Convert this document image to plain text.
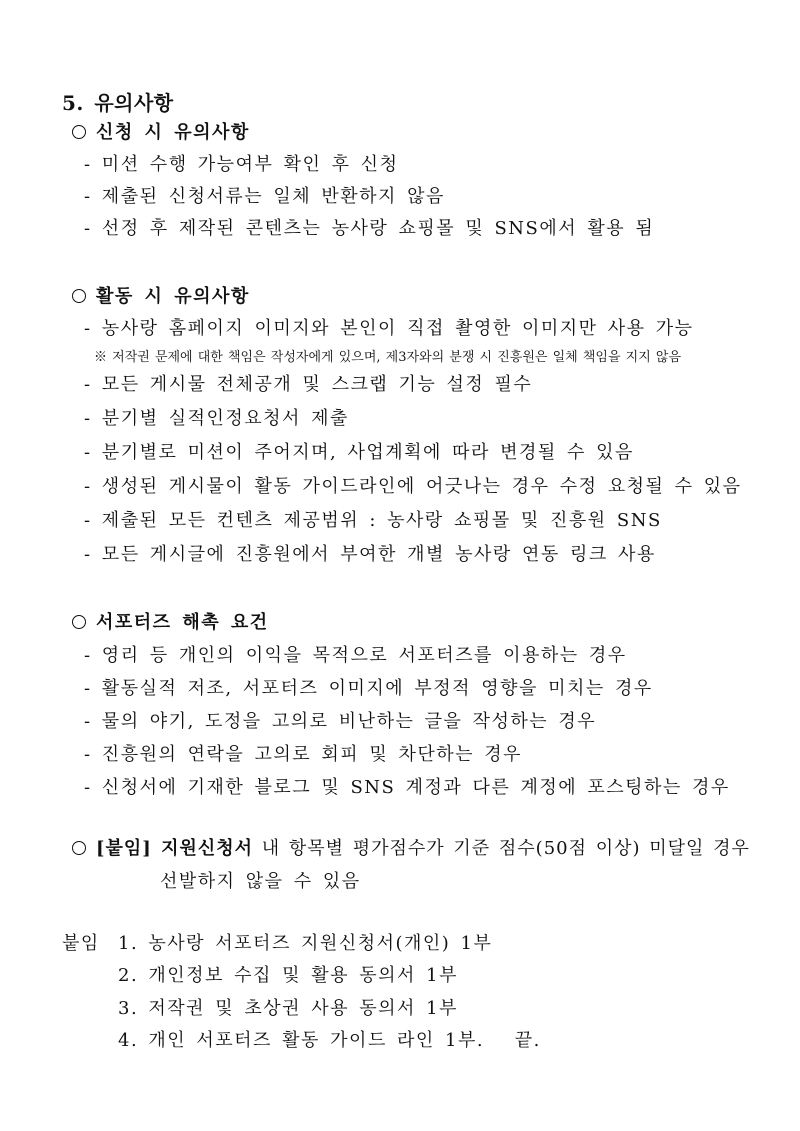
5. 유의사항
신청 시 유의사항
- 미션 수행 가능여부 확인 후 신청
- 제출된 신청서류는 일체 반환하지 않음
- 선정 후 제작된 콘텐츠는 농사랑 쇼핑몰 및 SNS에서 활용 됨
활동 시 유의사항
- 농사랑 홈페이지 이미지와 본인이 직접 촬영한 이미지만 사용 가능
※ 저작권 문제에 대한 책임은 작성자에게 있으며, 제3자와의 분쟁 시 진흥원은 일체 책임을 지지 않음
- 모든 게시물 전체공개 및 스크랩 기능 설정 필수
- 분기별 실적인정요청서 제출
- 분기별로 미션이 주어지며, 사업계획에 따라 변경될 수 있음
- 생성된 게시물이 활동 가이드라인에 어긋나는 경우 수정 요청될 수 있음
- 제출된 모든 컨텐츠 제공범위 : 농사랑 쇼핑몰 및 진흥원 SNS
- 모든 게시글에 진흥원에서 부여한 개별 농사랑 연동 링크 사용
서포터즈 해촉 요건
- 영리 등 개인의 이익을 목적으로 서포터즈를 이용하는 경우
- 활동실적 저조, 서포터즈 이미지에 부정적 영향을 미치는 경우
- 물의 야기, 도정을 고의로 비난하는 글을 작성하는 경우
- 진흥원의 연락을 고의로 회피 및 차단하는 경우
- 신청서에 기재한 블로그 및 SNS 계정과 다른 계정에 포스팅하는 경우
[붙임] 지원신청서 내 항목별 평가점수가 기준 점수(50점 이상) 미달일 경우
선발하지 않을 수 있음
붙임 1. 농사랑 서포터즈 지원신청서(개인) 1부
2. 개인정보 수집 및 활용 동의서 1부
3. 저작권 및 초상권 사용 동의서 1부
4. 개인 서포터즈 활동 가이드 라인 1부.   끝.
